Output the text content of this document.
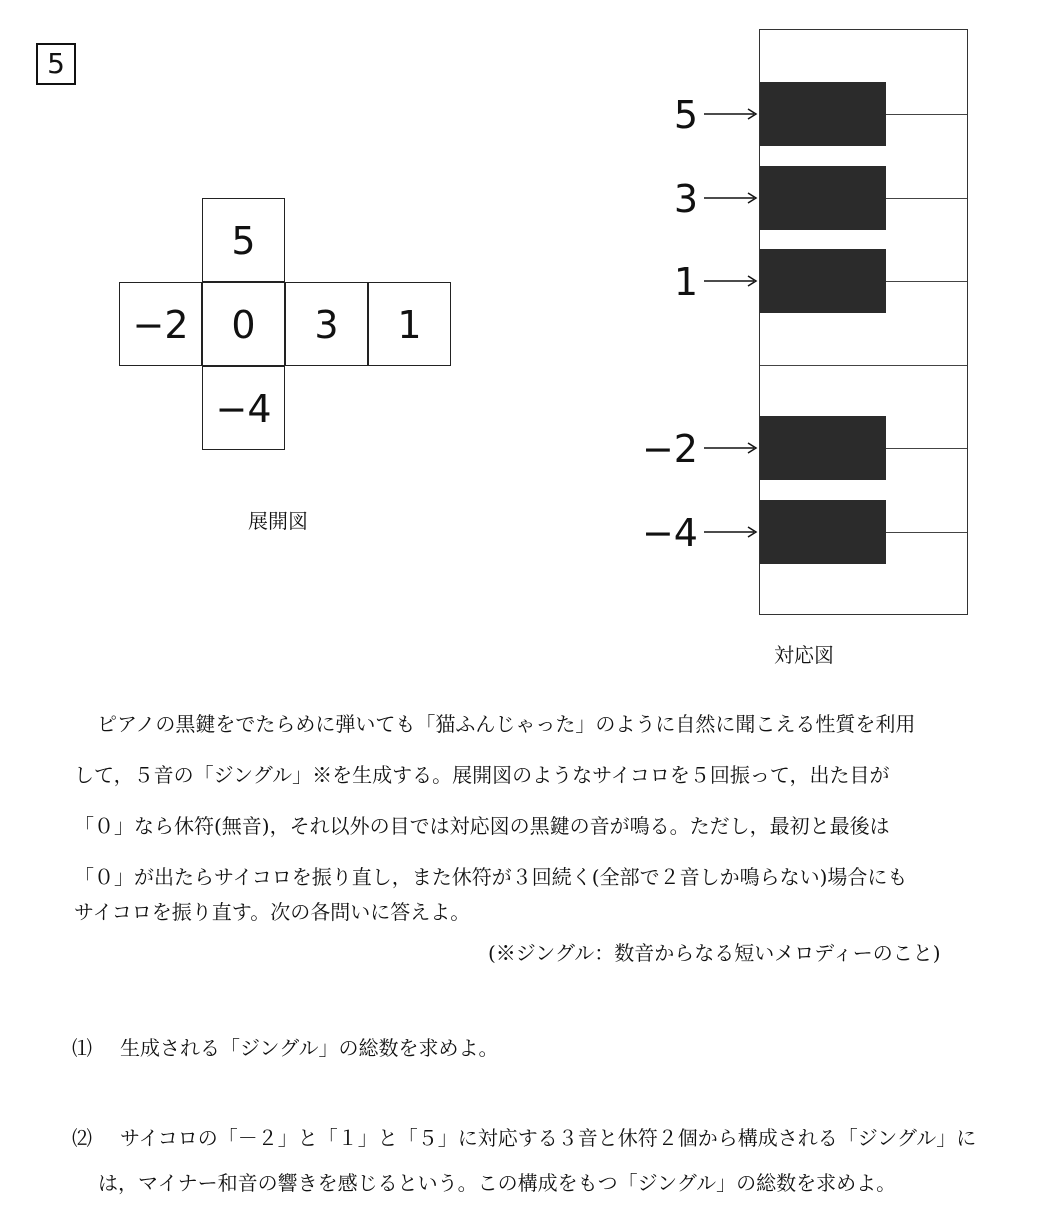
5
5
−2	0	3	1
−4
展開図
5
3
1
−2
−4
対応図
ピアノの黒鍵をでたらめに弾いても「猫ふんじゃった」のように自然に聞こえる性質を利用
して，５音の「ジングル」※を生成する。展開図のようなサイコロを５回振って，出た目が
「０」なら休符(無音)，それ以外の目では対応図の黒鍵の音が鳴る。ただし，最初と最後は
「０」が出たらサイコロを振り直し，また休符が３回続く(全部で２音しか鳴らない)場合にも
サイコロを振り直す。次の各問いに答えよ。
(※ジングル：数音からなる短いメロディーのこと)
⑴ 生成される「ジングル」の総数を求めよ。
⑵ サイコロの「－２」と「１」と「５」に対応する３音と休符２個から構成される「ジングル」に
は，マイナー和音の響きを感じるという。この構成をもつ「ジングル」の総数を求めよ。
